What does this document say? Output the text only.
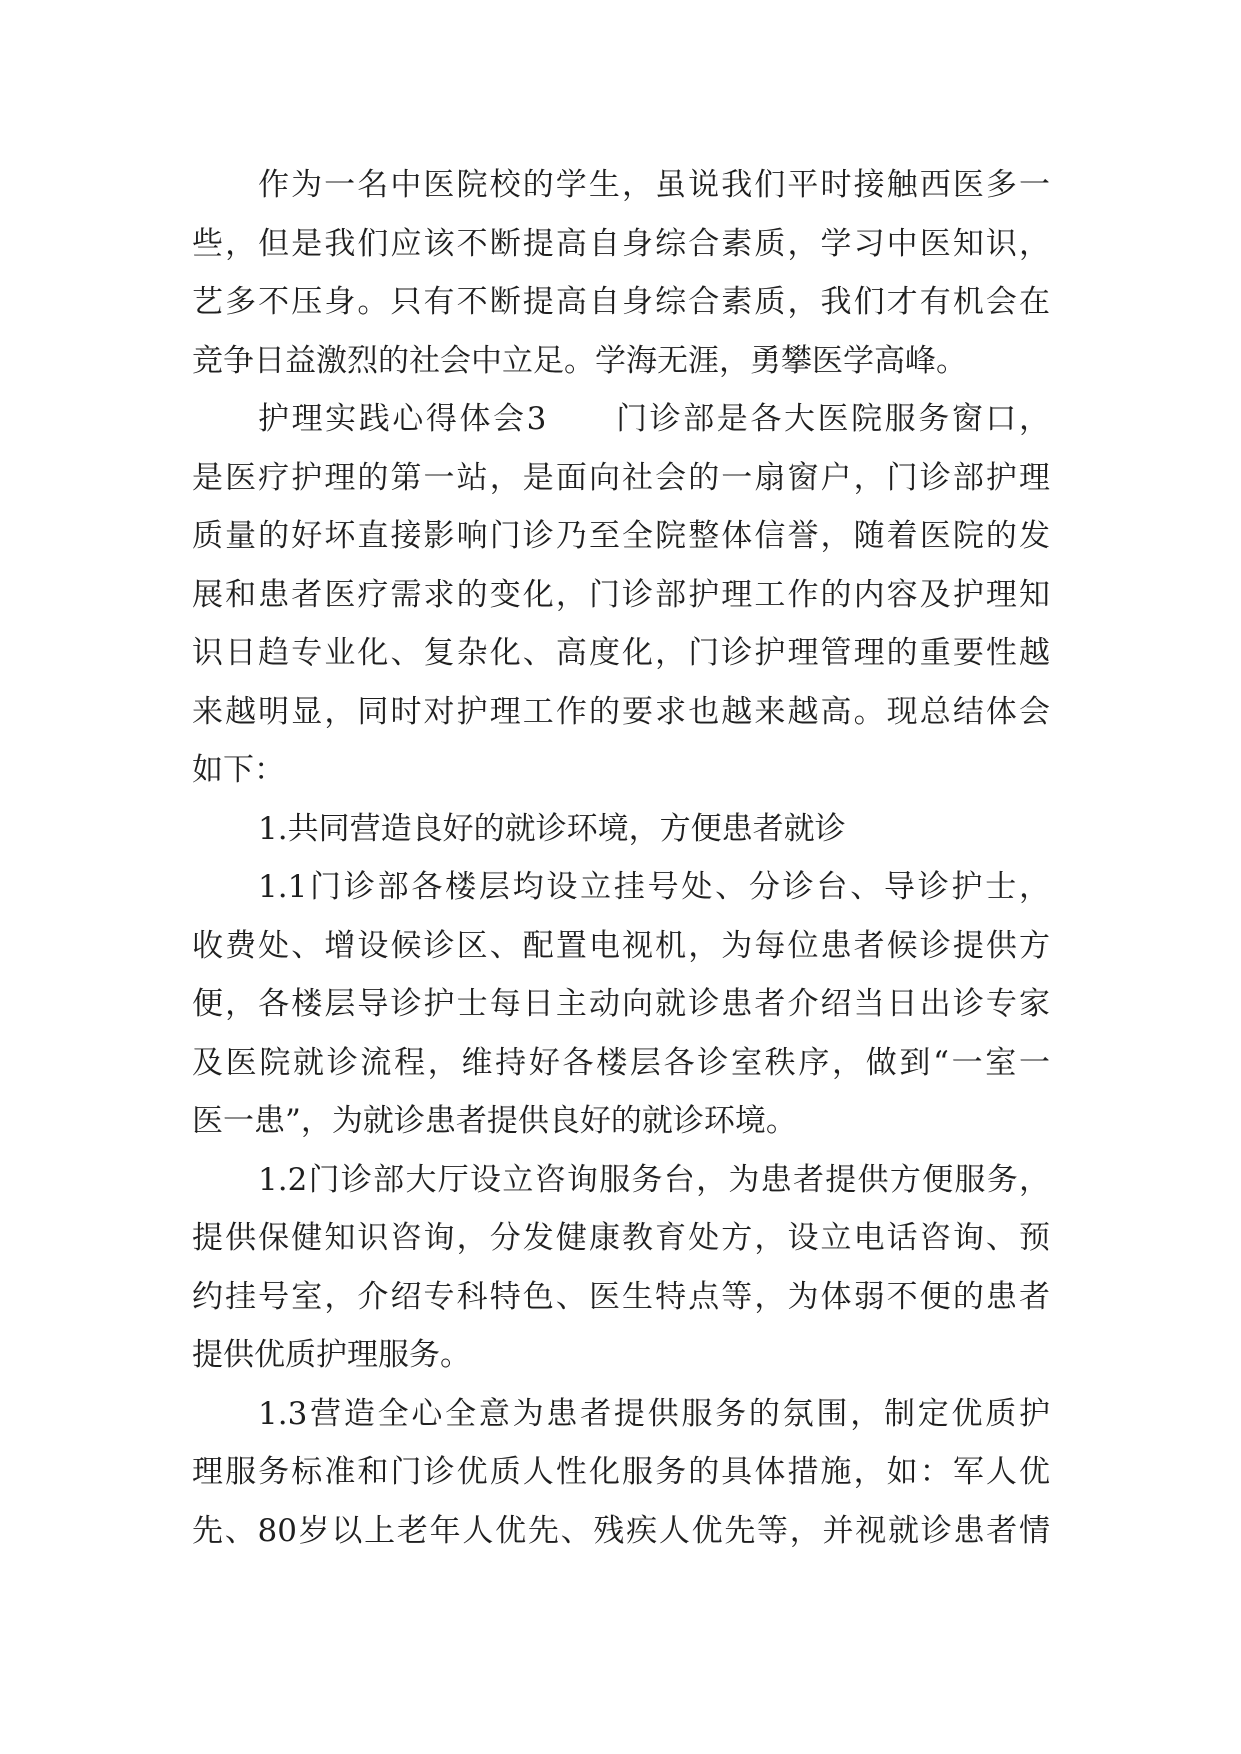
作为一名中医院校的学生，虽说我们平时接触西医多一
些，但是我们应该不断提高自身综合素质，学习中医知识，
艺多不压身。只有不断提高自身综合素质，我们才有机会在
竞争日益激烈的社会中立足。学海无涯，勇攀医学高峰。
护理实践心得体会3　　门诊部是各大医院服务窗口，
是医疗护理的第一站，是面向社会的一扇窗户，门诊部护理
质量的好坏直接影响门诊乃至全院整体信誉，随着医院的发
展和患者医疗需求的变化，门诊部护理工作的内容及护理知
识日趋专业化、复杂化、高度化，门诊护理管理的重要性越
来越明显，同时对护理工作的要求也越来越高。现总结体会
如下：
1.共同营造良好的就诊环境，方便患者就诊
1.1门诊部各楼层均设立挂号处、分诊台、导诊护士，
收费处、增设候诊区、配置电视机，为每位患者候诊提供方
便，各楼层导诊护士每日主动向就诊患者介绍当日出诊专家
及医院就诊流程，维持好各楼层各诊室秩序，做到“一室一
医一患”，为就诊患者提供良好的就诊环境。
1.2门诊部大厅设立咨询服务台，为患者提供方便服务，
提供保健知识咨询，分发健康教育处方，设立电话咨询、预
约挂号室，介绍专科特色、医生特点等，为体弱不便的患者
提供优质护理服务。
1.3营造全心全意为患者提供服务的氛围，制定优质护
理服务标准和门诊优质人性化服务的具体措施，如：军人优
先、80岁以上老年人优先、残疾人优先等，并视就诊患者情
